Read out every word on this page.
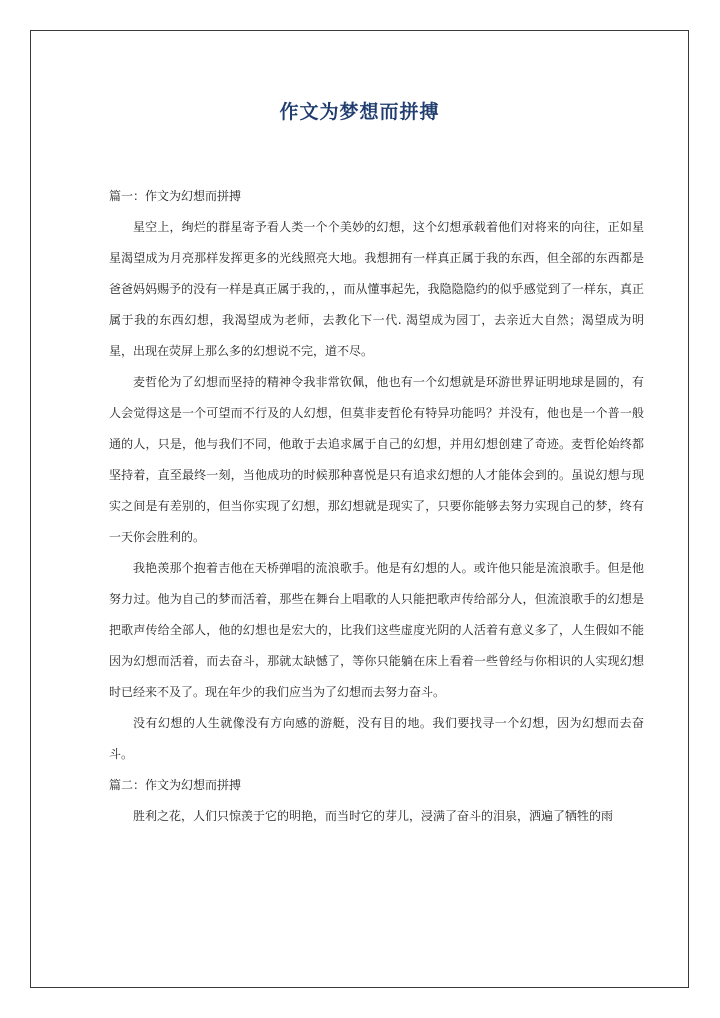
作文为梦想而拼搏

篇一：作文为幻想而拼搏

星空上，绚烂的群星寄予看人类一个个美妙的幻想，这个幻想承载着他们对将来的向往，正如星星渴望成为月亮那样发挥更多的光线照亮大地。我想拥有一样真正属于我的东西，但全部的东西都是爸爸妈妈赐予的没有一样是真正属于我的，，而从懂事起先，我隐隐隐约的似乎感觉到了一样东，真正属于我的东西幻想，我渴望成为老师，去教化下一代. 渴望成为园丁，去亲近大自然；渴望成为明星，出现在荧屏上那么多的幻想说不完，道不尽。

麦哲伦为了幻想而坚持的精神令我非常钦佩，他也有一个幻想就是环游世界证明地球是圆的，有人会觉得这是一个可望而不行及的人幻想，但莫非麦哲伦有特异功能吗？并没有，他也是一个普一般通的人，只是，他与我们不同，他敢于去追求属于自己的幻想，并用幻想创建了奇迹。麦哲伦始终都坚持着，直至最终一刻，当他成功的时候那种喜悦是只有追求幻想的人才能体会到的。虽说幻想与现实之间是有差别的，但当你实现了幻想，那幻想就是现实了，只要你能够去努力实现自己的梦，终有一天你会胜利的。

我艳羡那个抱着吉他在天桥弹唱的流浪歌手。他是有幻想的人。或许他只能是流浪歌手。但是他努力过。他为自己的梦而活着，那些在舞台上唱歌的人只能把歌声传给部分人，但流浪歌手的幻想是把歌声传给全部人，他的幻想也是宏大的，比我们这些虚度光阴的人活着有意义多了，人生假如不能因为幻想而活着，而去奋斗，那就太缺憾了，等你只能躺在床上看着一些曾经与你相识的人实现幻想时已经来不及了。现在年少的我们应当为了幻想而去努力奋斗。

没有幻想的人生就像没有方向感的游艇，没有目的地。我们要找寻一个幻想，因为幻想而去奋斗。

篇二：作文为幻想而拼搏

胜利之花，人们只惊羡于它的明艳，而当时它的芽儿，浸满了奋斗的泪泉，洒遍了牺牲的雨
